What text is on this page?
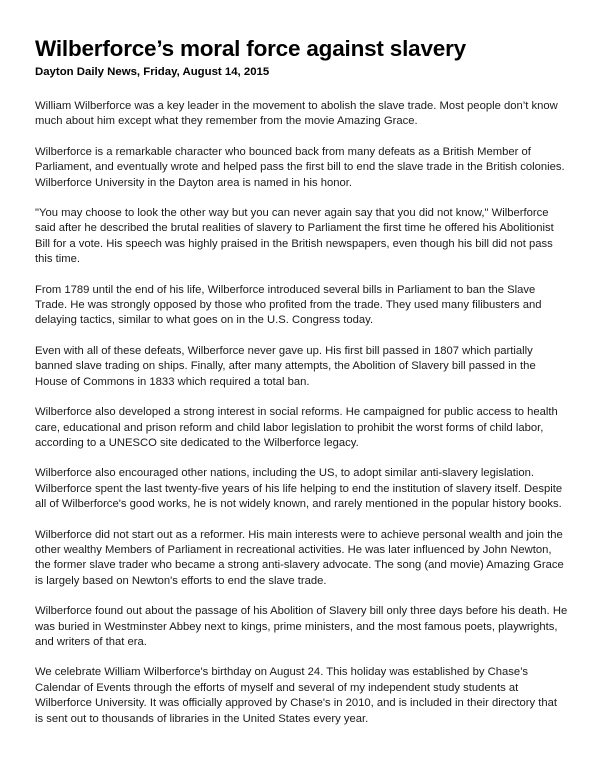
Wilberforce’s moral force against slavery
Dayton Daily News, Friday, August 14, 2015

William Wilberforce was a key leader in the movement to abolish the slave trade. Most people don’t know much about him except what they remember from the movie Amazing Grace.

Wilberforce is a remarkable character who bounced back from many defeats as a British Member of Parliament, and eventually wrote and helped pass the first bill to end the slave trade in the British colonies. Wilberforce University in the Dayton area is named in his honor.

"You may choose to look the other way but you can never again say that you did not know," Wilberforce said after he described the brutal realities of slavery to Parliament the first time he offered his Abolitionist Bill for a vote. His speech was highly praised in the British newspapers, even though his bill did not pass this time.

From 1789 until the end of his life, Wilberforce introduced several bills in Parliament to ban the Slave Trade. He was strongly opposed by those who profited from the trade. They used many filibusters and delaying tactics, similar to what goes on in the U.S. Congress today.

Even with all of these defeats, Wilberforce never gave up. His first bill passed in 1807 which partially banned slave trading on ships. Finally, after many attempts, the Abolition of Slavery bill passed in the House of Commons in 1833 which required a total ban.

Wilberforce also developed a strong interest in social reforms. He campaigned for public access to health care, educational and prison reform and child labor legislation to prohibit the worst forms of child labor, according to a UNESCO site dedicated to the Wilberforce legacy.

Wilberforce also encouraged other nations, including the US, to adopt similar anti-slavery legislation. Wilberforce spent the last twenty-five years of his life helping to end the institution of slavery itself. Despite all of Wilberforce's good works, he is not widely known, and rarely mentioned in the popular history books.

Wilberforce did not start out as a reformer. His main interests were to achieve personal wealth and join the other wealthy Members of Parliament in recreational activities. He was later influenced by John Newton, the former slave trader who became a strong anti-slavery advocate. The song (and movie) Amazing Grace is largely based on Newton's efforts to end the slave trade.

Wilberforce found out about the passage of his Abolition of Slavery bill only three days before his death. He was buried in Westminster Abbey next to kings, prime ministers, and the most famous poets, playwrights, and writers of that era.

We celebrate William Wilberforce's birthday on August 24. This holiday was established by Chase’s Calendar of Events through the efforts of myself and several of my independent study students at Wilberforce University. It was officially approved by Chase's in 2010, and is included in their directory that is sent out to thousands of libraries in the United States every year.
